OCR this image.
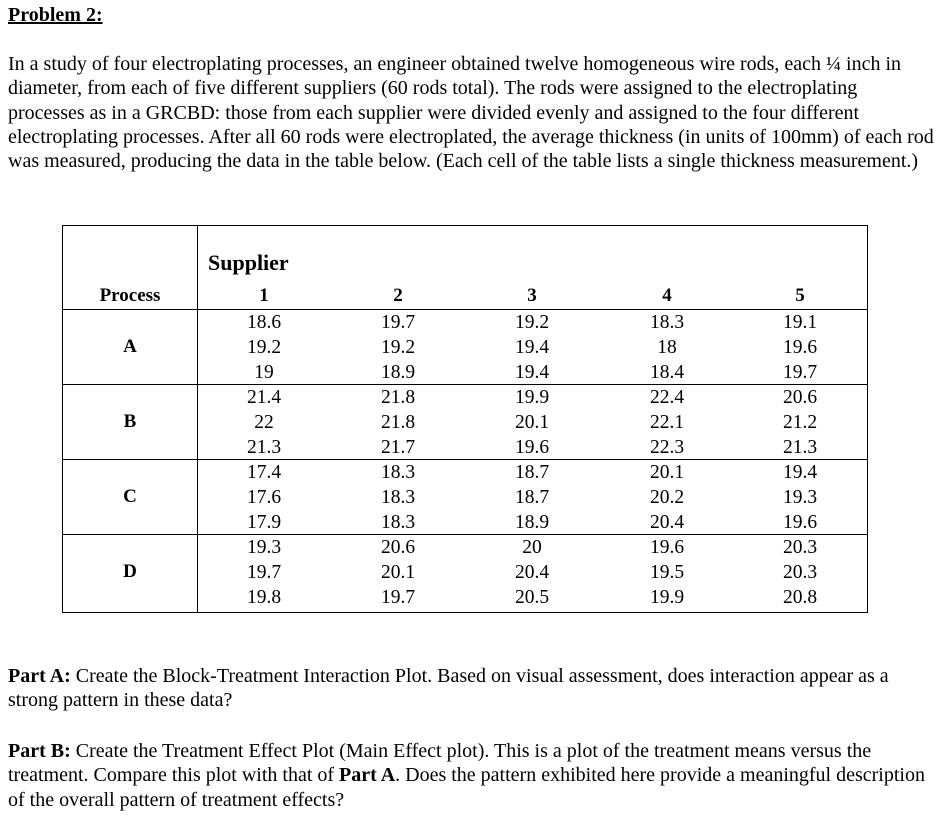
Problem 2:
In a study of four electroplating processes, an engineer obtained twelve homogeneous wire rods, each ¼ inch in diameter, from each of five different suppliers (60 rods total). The rods were assigned to the electroplating processes as in a GRCBD: those from each supplier were divided evenly and assigned to the four different electroplating processes. After all 60 rods were electroplated, the average thickness (in units of 100mm) of each rod was measured, producing the data in the table below. (Each cell of the table lists a single thickness measurement.)
Supplier
Process	1	2	3	4	5
A
18.6	19.7	19.2	18.3	19.1
19.2	19.2	19.4	18	19.6
19	18.9	19.4	18.4	19.7
B
21.4	21.8	19.9	22.4	20.6
22	21.8	20.1	22.1	21.2
21.3	21.7	19.6	22.3	21.3
C
17.4	18.3	18.7	20.1	19.4
17.6	18.3	18.7	20.2	19.3
17.9	18.3	18.9	20.4	19.6
D
19.3	20.6	20	19.6	20.3
19.7	20.1	20.4	19.5	20.3
19.8	19.7	20.5	19.9	20.8
Part A: Create the Block-Treatment Interaction Plot. Based on visual assessment, does interaction appear as a strong pattern in these data?
Part B: Create the Treatment Effect Plot (Main Effect plot). This is a plot of the treatment means versus the treatment. Compare this plot with that of Part A. Does the pattern exhibited here provide a meaningful description of the overall pattern of treatment effects?
